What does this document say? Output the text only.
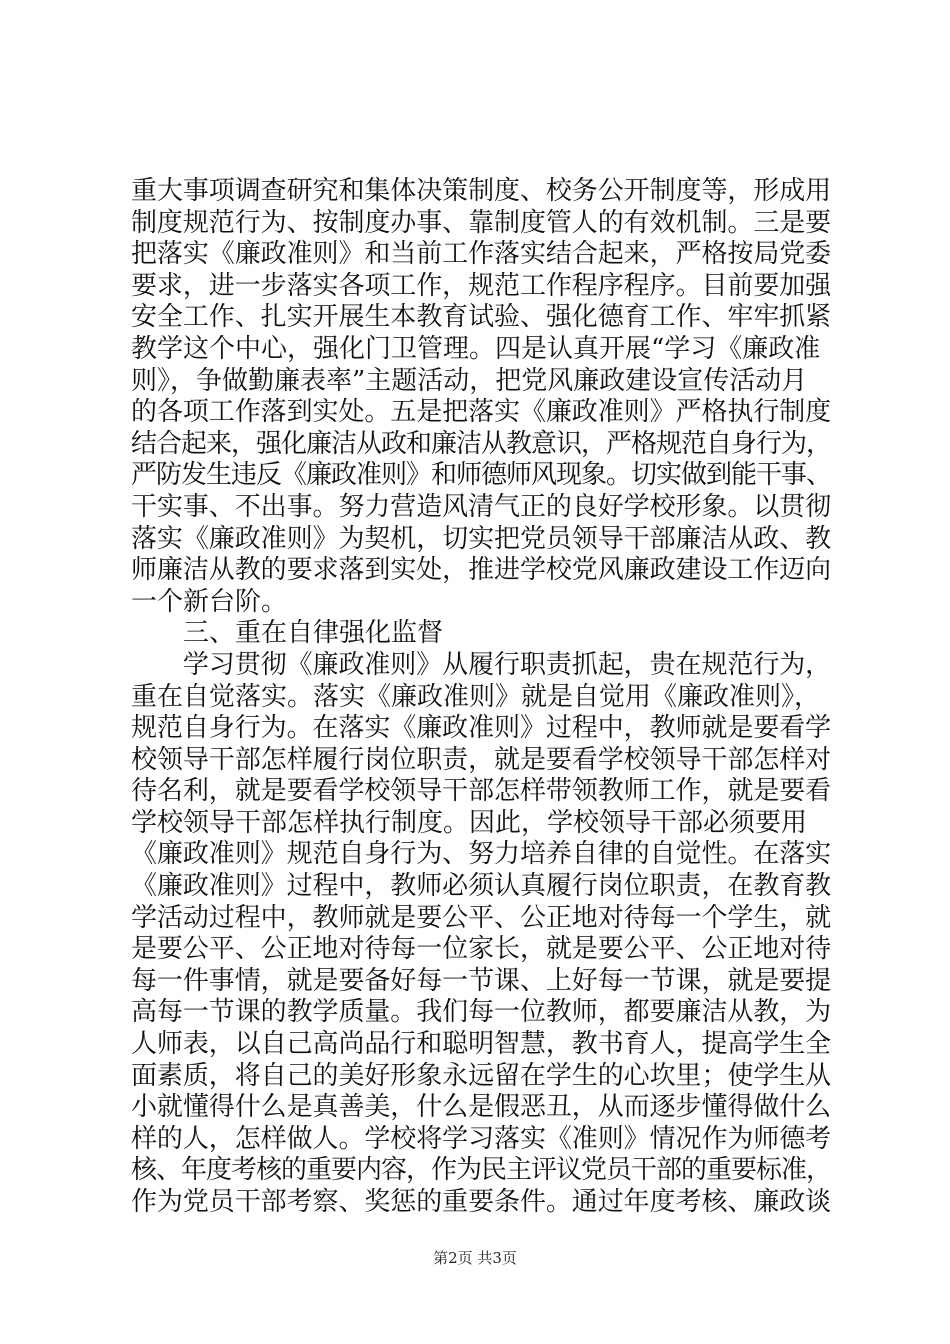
重大事项调查研究和集体决策制度、校务公开制度等，形成用
制度规范行为、按制度办事、靠制度管人的有效机制。三是要
把落实《廉政准则》和当前工作落实结合起来，严格按局党委
要求，进一步落实各项工作，规范工作程序程序。目前要加强
安全工作、扎实开展生本教育试验、强化德育工作、牢牢抓紧
教学这个中心，强化门卫管理。四是认真开展“学习《廉政准
则》，争做勤廉表率”主题活动，把党风廉政建设宣传活动月
的各项工作落到实处。五是把落实《廉政准则》严格执行制度
结合起来，强化廉洁从政和廉洁从教意识，严格规范自身行为，
严防发生违反《廉政准则》和师德师风现象。切实做到能干事、
干实事、不出事。努力营造风清气正的良好学校形象。以贯彻
落实《廉政准则》为契机，切实把党员领导干部廉洁从政、教
师廉洁从教的要求落到实处，推进学校党风廉政建设工作迈向
一个新台阶。
　　三、重在自律强化监督
　　学习贯彻《廉政准则》从履行职责抓起，贵在规范行为，
重在自觉落实。落实《廉政准则》就是自觉用《廉政准则》，
规范自身行为。在落实《廉政准则》过程中，教师就是要看学
校领导干部怎样履行岗位职责，就是要看学校领导干部怎样对
待名利，就是要看学校领导干部怎样带领教师工作，就是要看
学校领导干部怎样执行制度。因此，学校领导干部必须要用
《廉政准则》规范自身行为、努力培养自律的自觉性。在落实
《廉政准则》过程中，教师必须认真履行岗位职责，在教育教
学活动过程中，教师就是要公平、公正地对待每一个学生，就
是要公平、公正地对待每一位家长，就是要公平、公正地对待
每一件事情，就是要备好每一节课、上好每一节课，就是要提
高每一节课的教学质量。我们每一位教师，都要廉洁从教，为
人师表，以自己高尚品行和聪明智慧，教书育人，提高学生全
面素质，将自己的美好形象永远留在学生的心坎里；使学生从
小就懂得什么是真善美，什么是假恶丑，从而逐步懂得做什么
样的人，怎样做人。学校将学习落实《准则》情况作为师德考
核、年度考核的重要内容，作为民主评议党员干部的重要标准，
作为党员干部考察、奖惩的重要条件。通过年度考核、廉政谈
第2页 共3页
